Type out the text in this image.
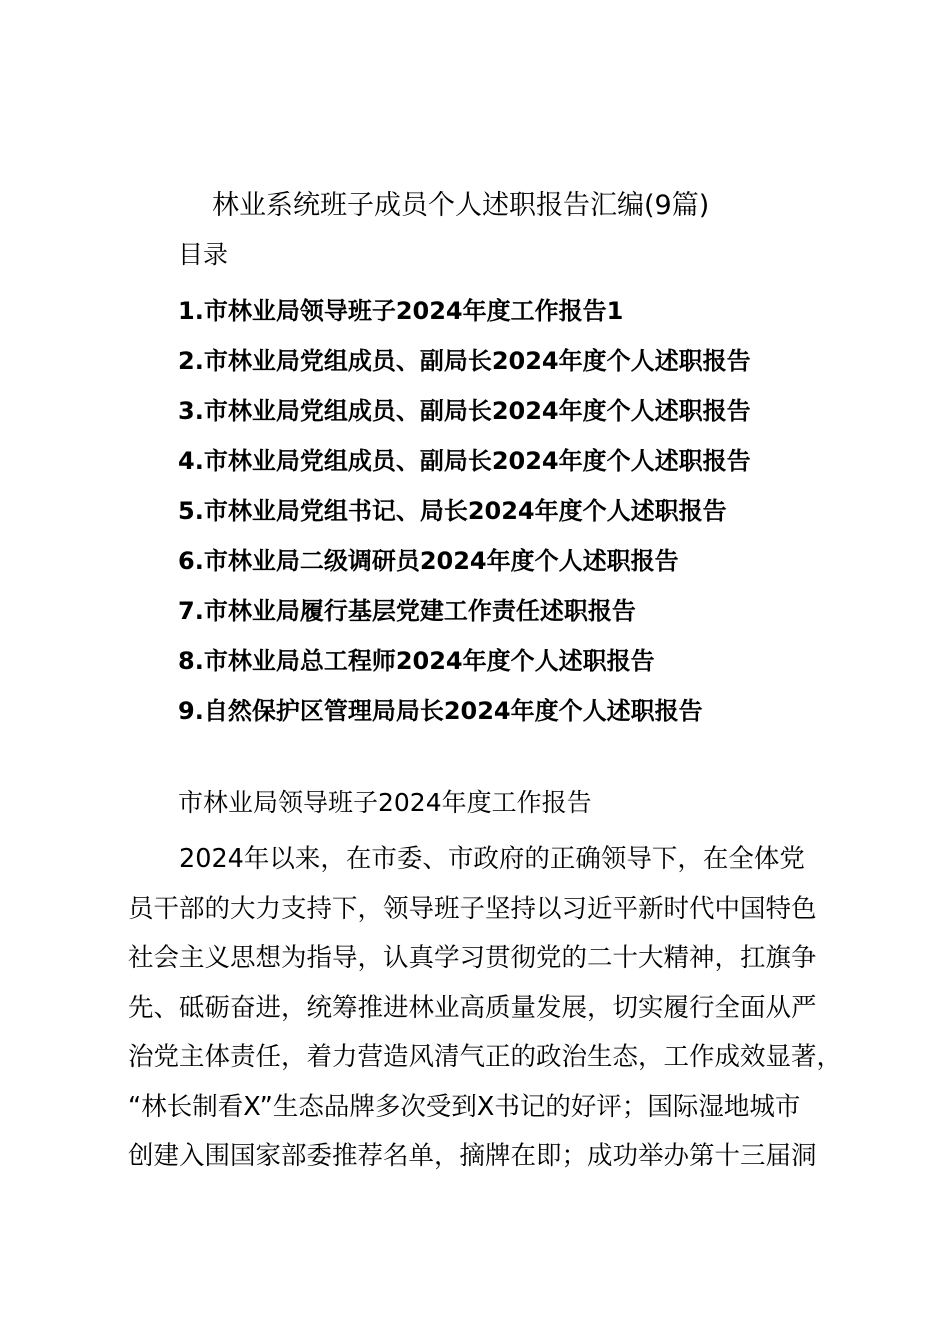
林业系统班子成员个人述职报告汇编(9篇)
目录
1.市林业局领导班子2024年度工作报告1
2.市林业局党组成员、副局长2024年度个人述职报告
3.市林业局党组成员、副局长2024年度个人述职报告
4.市林业局党组成员、副局长2024年度个人述职报告
5.市林业局党组书记、局长2024年度个人述职报告
6.市林业局二级调研员2024年度个人述职报告
7.市林业局履行基层党建工作责任述职报告
8.市林业局总工程师2024年度个人述职报告
9.自然保护区管理局局长2024年度个人述职报告
市林业局领导班子2024年度工作报告

　　2024年以来，在市委、市政府的正确领导下，在全体党
员干部的大力支持下，领导班子坚持以习近平新时代中国特色
社会主义思想为指导，认真学习贯彻党的二十大精神，扛旗争
先、砥砺奋进，统筹推进林业高质量发展，切实履行全面从严
治党主体责任，着力营造风清气正的政治生态，工作成效显著，
“林长制看X”生态品牌多次受到X书记的好评；国际湿地城市
创建入围国家部委推荐名单，摘牌在即；成功举办第十三届洞
